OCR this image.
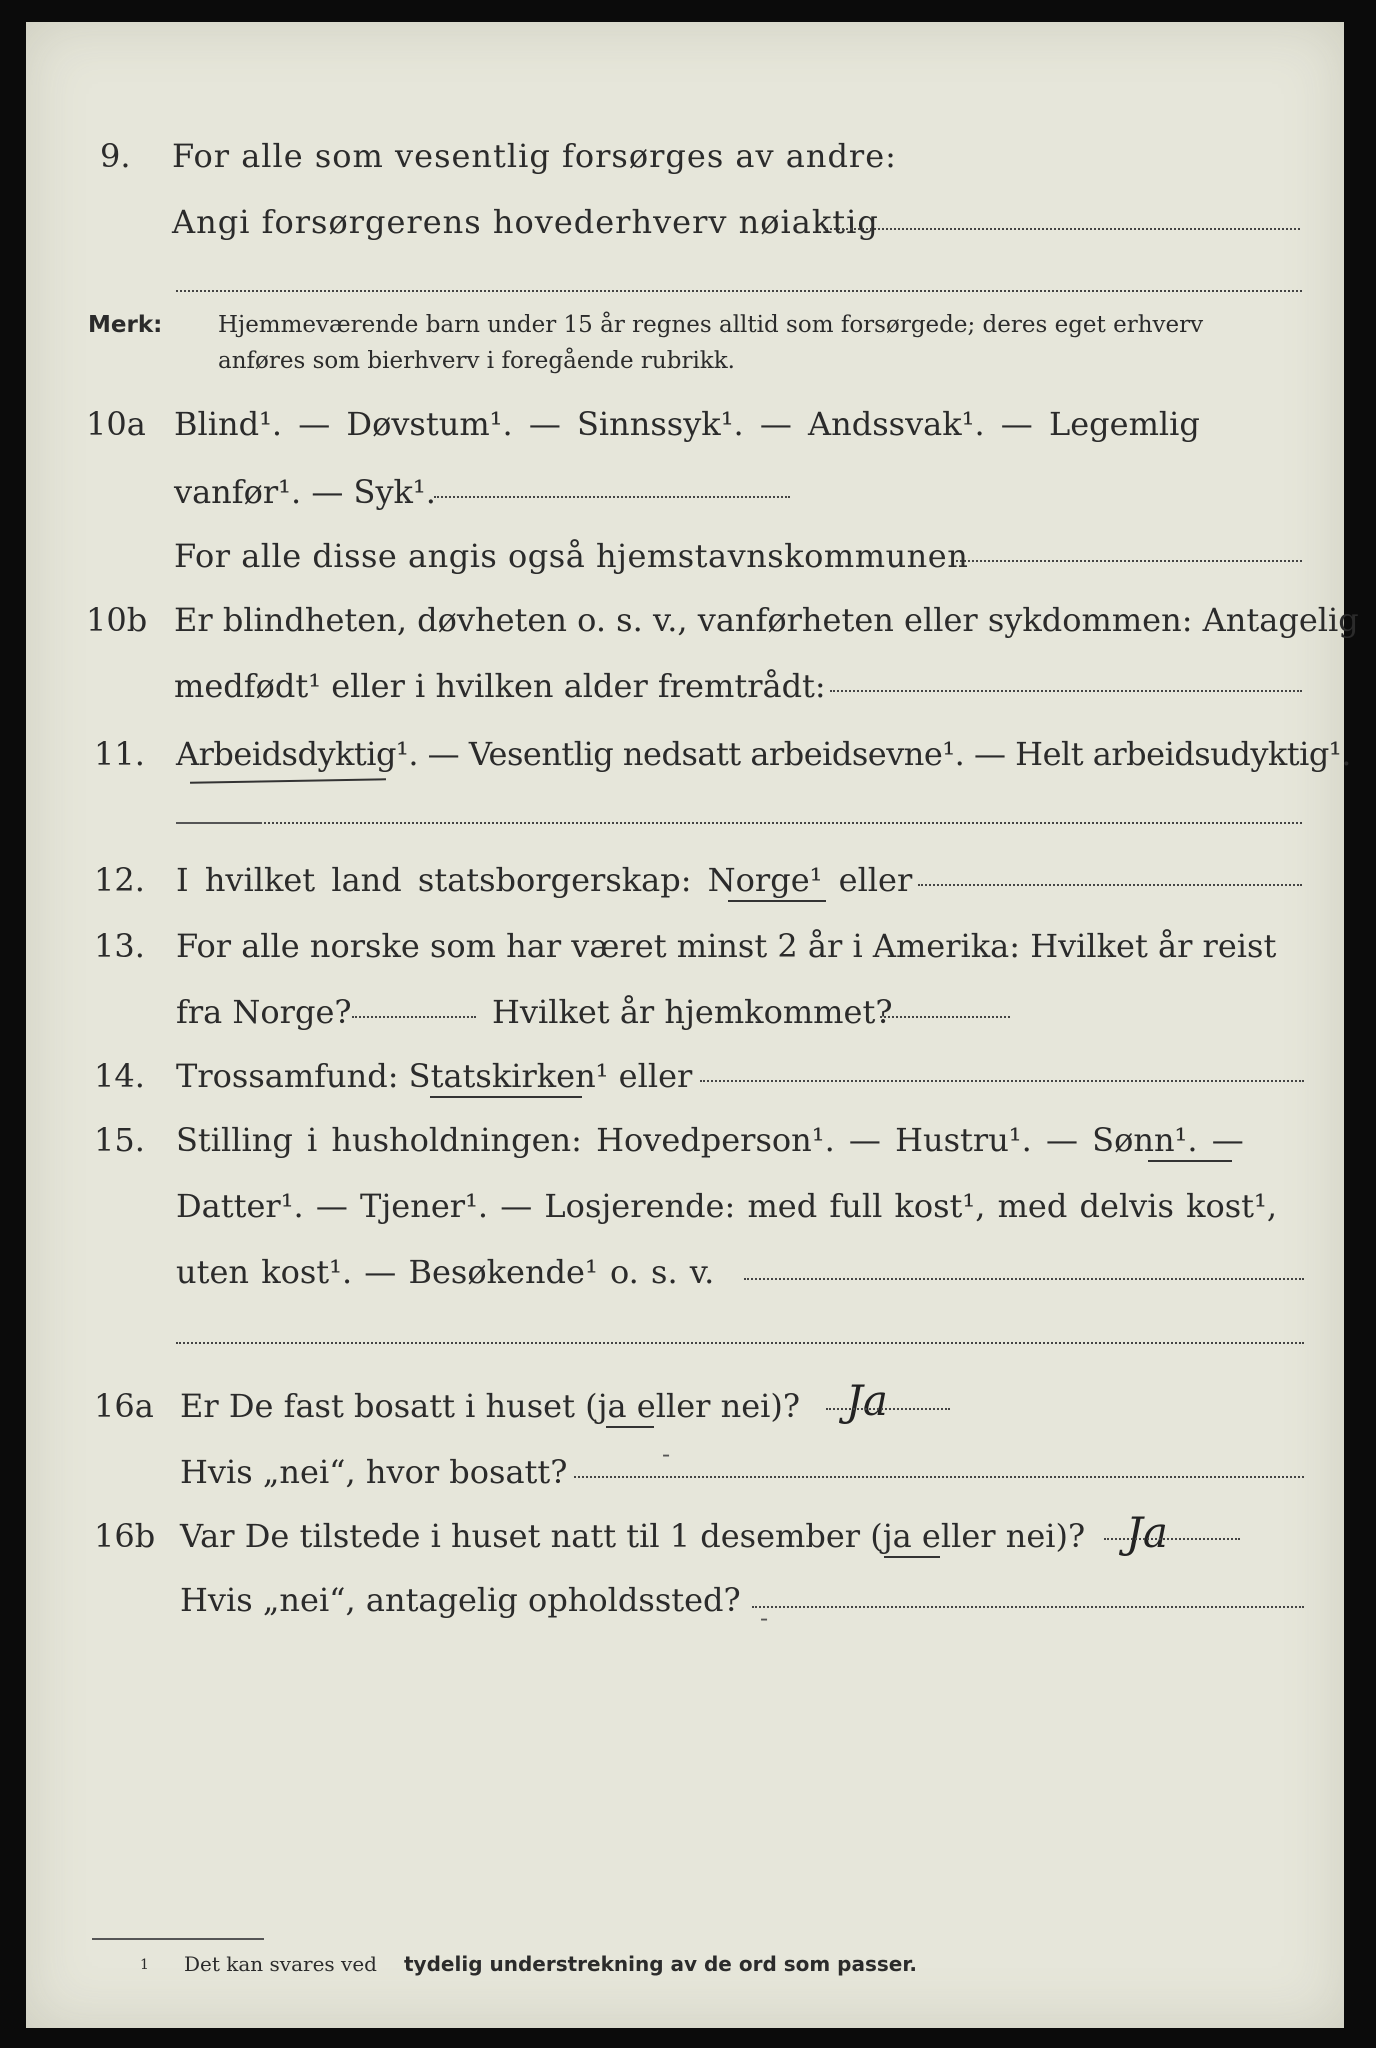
9. For alle som vesentlig forsørges av andre:
Angi forsørgerens hovederhverv nøiaktig
Merk: Hjemmeværende barn under 15 år regnes alltid som forsørgede; deres eget erhverv
anføres som bierhverv i foregående rubrikk.
10a Blind¹. — Døvstum¹. — Sinnssyk¹. — Andssvak¹. — Legemlig
vanfør¹. — Syk¹.
For alle disse angis også hjemstavnskommunen
10b Er blindheten, døvheten o. s. v., vanførheten eller sykdommen: Antagelig
medfødt¹ eller i hvilken alder fremtrådt:
11. Arbeidsdyktig¹. — Vesentlig nedsatt arbeidsevne¹. — Helt arbeidsudyktig¹.
12. I hvilket land statsborgerskap: Norge¹ eller
13. For alle norske som har været minst 2 år i Amerika: Hvilket år reist
fra Norge?	Hvilket år hjemkommet?
14. Trossamfund: Statskirken¹ eller
15. Stilling i husholdningen: Hovedperson¹. — Hustru¹. — Sønn¹. —
Datter¹. — Tjener¹. — Losjerende: med full kost¹, med delvis kost¹,
uten kost¹. — Besøkende¹ o. s. v.
16a Er De fast bosatt i huset (ja eller nei)? Ja
Hvis „nei“, hvor bosatt?	-
16b Var De tilstede i huset natt til 1 desember (ja eller nei)? Ja
Hvis „nei“, antagelig opholdssted? -
1 Det kan svares ved tydelig understrekning av de ord som passer.
